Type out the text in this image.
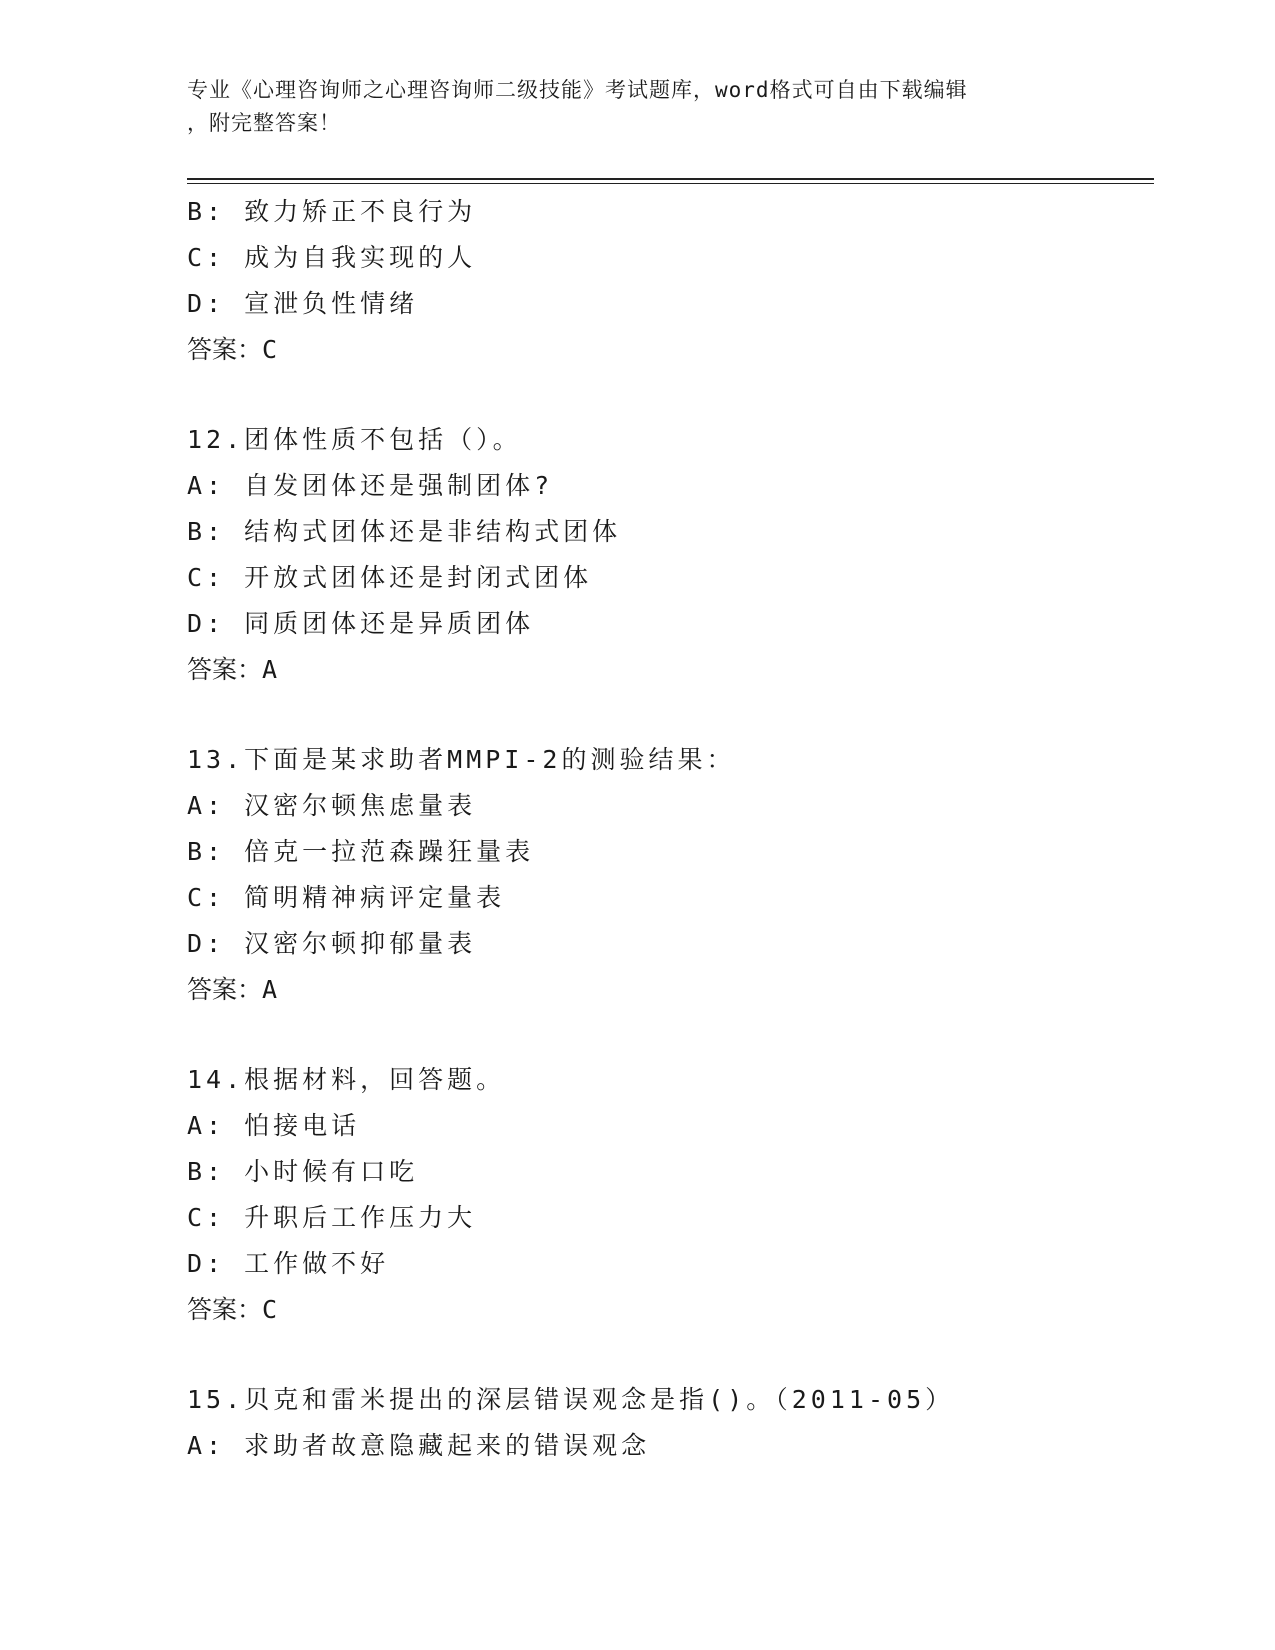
专业《心理咨询师之心理咨询师二级技能》考试题库，word格式可自由下载编辑
，附完整答案！
B: 致力矫正不良行为
C: 成为自我实现的人
D: 宣泄负性情绪
答案：C
12.团体性质不包括（）。
A: 自发团体还是强制团体?
B: 结构式团体还是非结构式团体
C: 开放式团体还是封闭式团体
D: 同质团体还是异质团体
答案：A
13.下面是某求助者MMPI-2的测验结果：
A: 汉密尔顿焦虑量表
B: 倍克一拉范森躁狂量表
C: 简明精神病评定量表
D: 汉密尔顿抑郁量表
答案：A
14.根据材料，回答题。
A: 怕接电话
B: 小时候有口吃
C: 升职后工作压力大
D: 工作做不好
答案：C
15.贝克和雷米提出的深层错误观念是指()。（2011-05）
A: 求助者故意隐藏起来的错误观念
